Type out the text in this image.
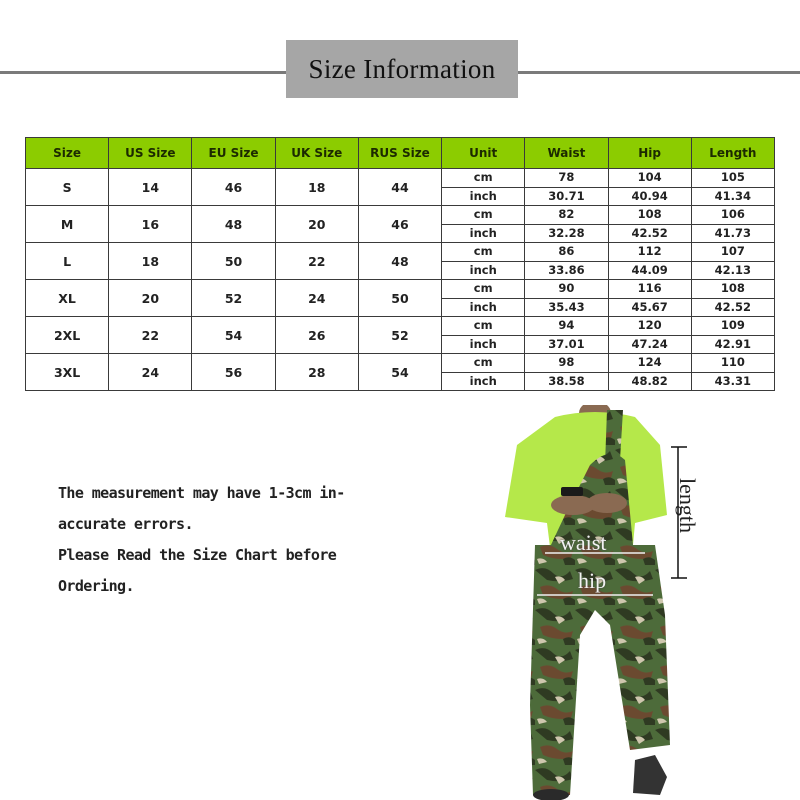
Size Information
Size	US Size	EU Size	UK Size	RUS Size	Unit	Waist	Hip	Length
S	14	46	18	44	cm	78	104	105
					inch	30.71	40.94	41.34
M	16	48	20	46	cm	82	108	106
					inch	32.28	42.52	41.73
L	18	50	22	48	cm	86	112	107
					inch	33.86	44.09	42.13
XL	20	52	24	50	cm	90	116	108
					inch	35.43	45.67	42.52
2XL	22	54	26	52	cm	94	120	109
					inch	37.01	47.24	42.91
3XL	24	56	28	54	cm	98	124	110
					inch	38.58	48.82	43.31
The measurement may have 1-3cm in-
accurate errors.
Please Read the Size Chart before
Ordering.
waist
hip
length
